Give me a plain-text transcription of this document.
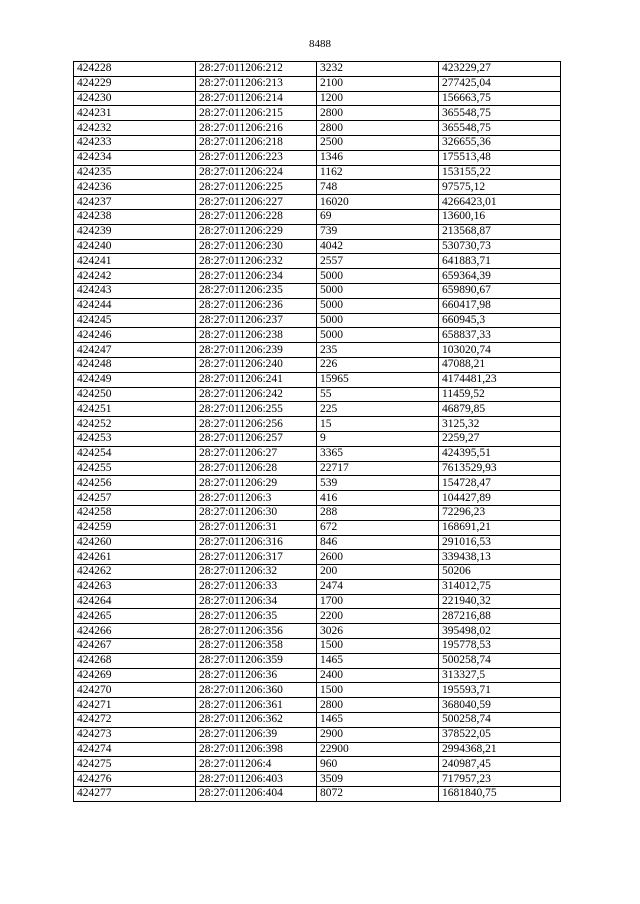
8488
424228	28:27:011206:212	3232	423229,27
424229	28:27:011206:213	2100	277425,04
424230	28:27:011206:214	1200	156663,75
424231	28:27:011206:215	2800	365548,75
424232	28:27:011206:216	2800	365548,75
424233	28:27:011206:218	2500	326655,36
424234	28:27:011206:223	1346	175513,48
424235	28:27:011206:224	1162	153155,22
424236	28:27:011206:225	748	97575,12
424237	28:27:011206:227	16020	4266423,01
424238	28:27:011206:228	69	13600,16
424239	28:27:011206:229	739	213568,87
424240	28:27:011206:230	4042	530730,73
424241	28:27:011206:232	2557	641883,71
424242	28:27:011206:234	5000	659364,39
424243	28:27:011206:235	5000	659890,67
424244	28:27:011206:236	5000	660417,98
424245	28:27:011206:237	5000	660945,3
424246	28:27:011206:238	5000	658837,33
424247	28:27:011206:239	235	103020,74
424248	28:27:011206:240	226	47088,21
424249	28:27:011206:241	15965	4174481,23
424250	28:27:011206:242	55	11459,52
424251	28:27:011206:255	225	46879,85
424252	28:27:011206:256	15	3125,32
424253	28:27:011206:257	9	2259,27
424254	28:27:011206:27	3365	424395,51
424255	28:27:011206:28	22717	7613529,93
424256	28:27:011206:29	539	154728,47
424257	28:27:011206:3	416	104427,89
424258	28:27:011206:30	288	72296,23
424259	28:27:011206:31	672	168691,21
424260	28:27:011206:316	846	291016,53
424261	28:27:011206:317	2600	339438,13
424262	28:27:011206:32	200	50206
424263	28:27:011206:33	2474	314012,75
424264	28:27:011206:34	1700	221940,32
424265	28:27:011206:35	2200	287216,88
424266	28:27:011206:356	3026	395498,02
424267	28:27:011206:358	1500	195778,53
424268	28:27:011206:359	1465	500258,74
424269	28:27:011206:36	2400	313327,5
424270	28:27:011206:360	1500	195593,71
424271	28:27:011206:361	2800	368040,59
424272	28:27:011206:362	1465	500258,74
424273	28:27:011206:39	2900	378522,05
424274	28:27:011206:398	22900	2994368,21
424275	28:27:011206:4	960	240987,45
424276	28:27:011206:403	3509	717957,23
424277	28:27:011206:404	8072	1681840,75
